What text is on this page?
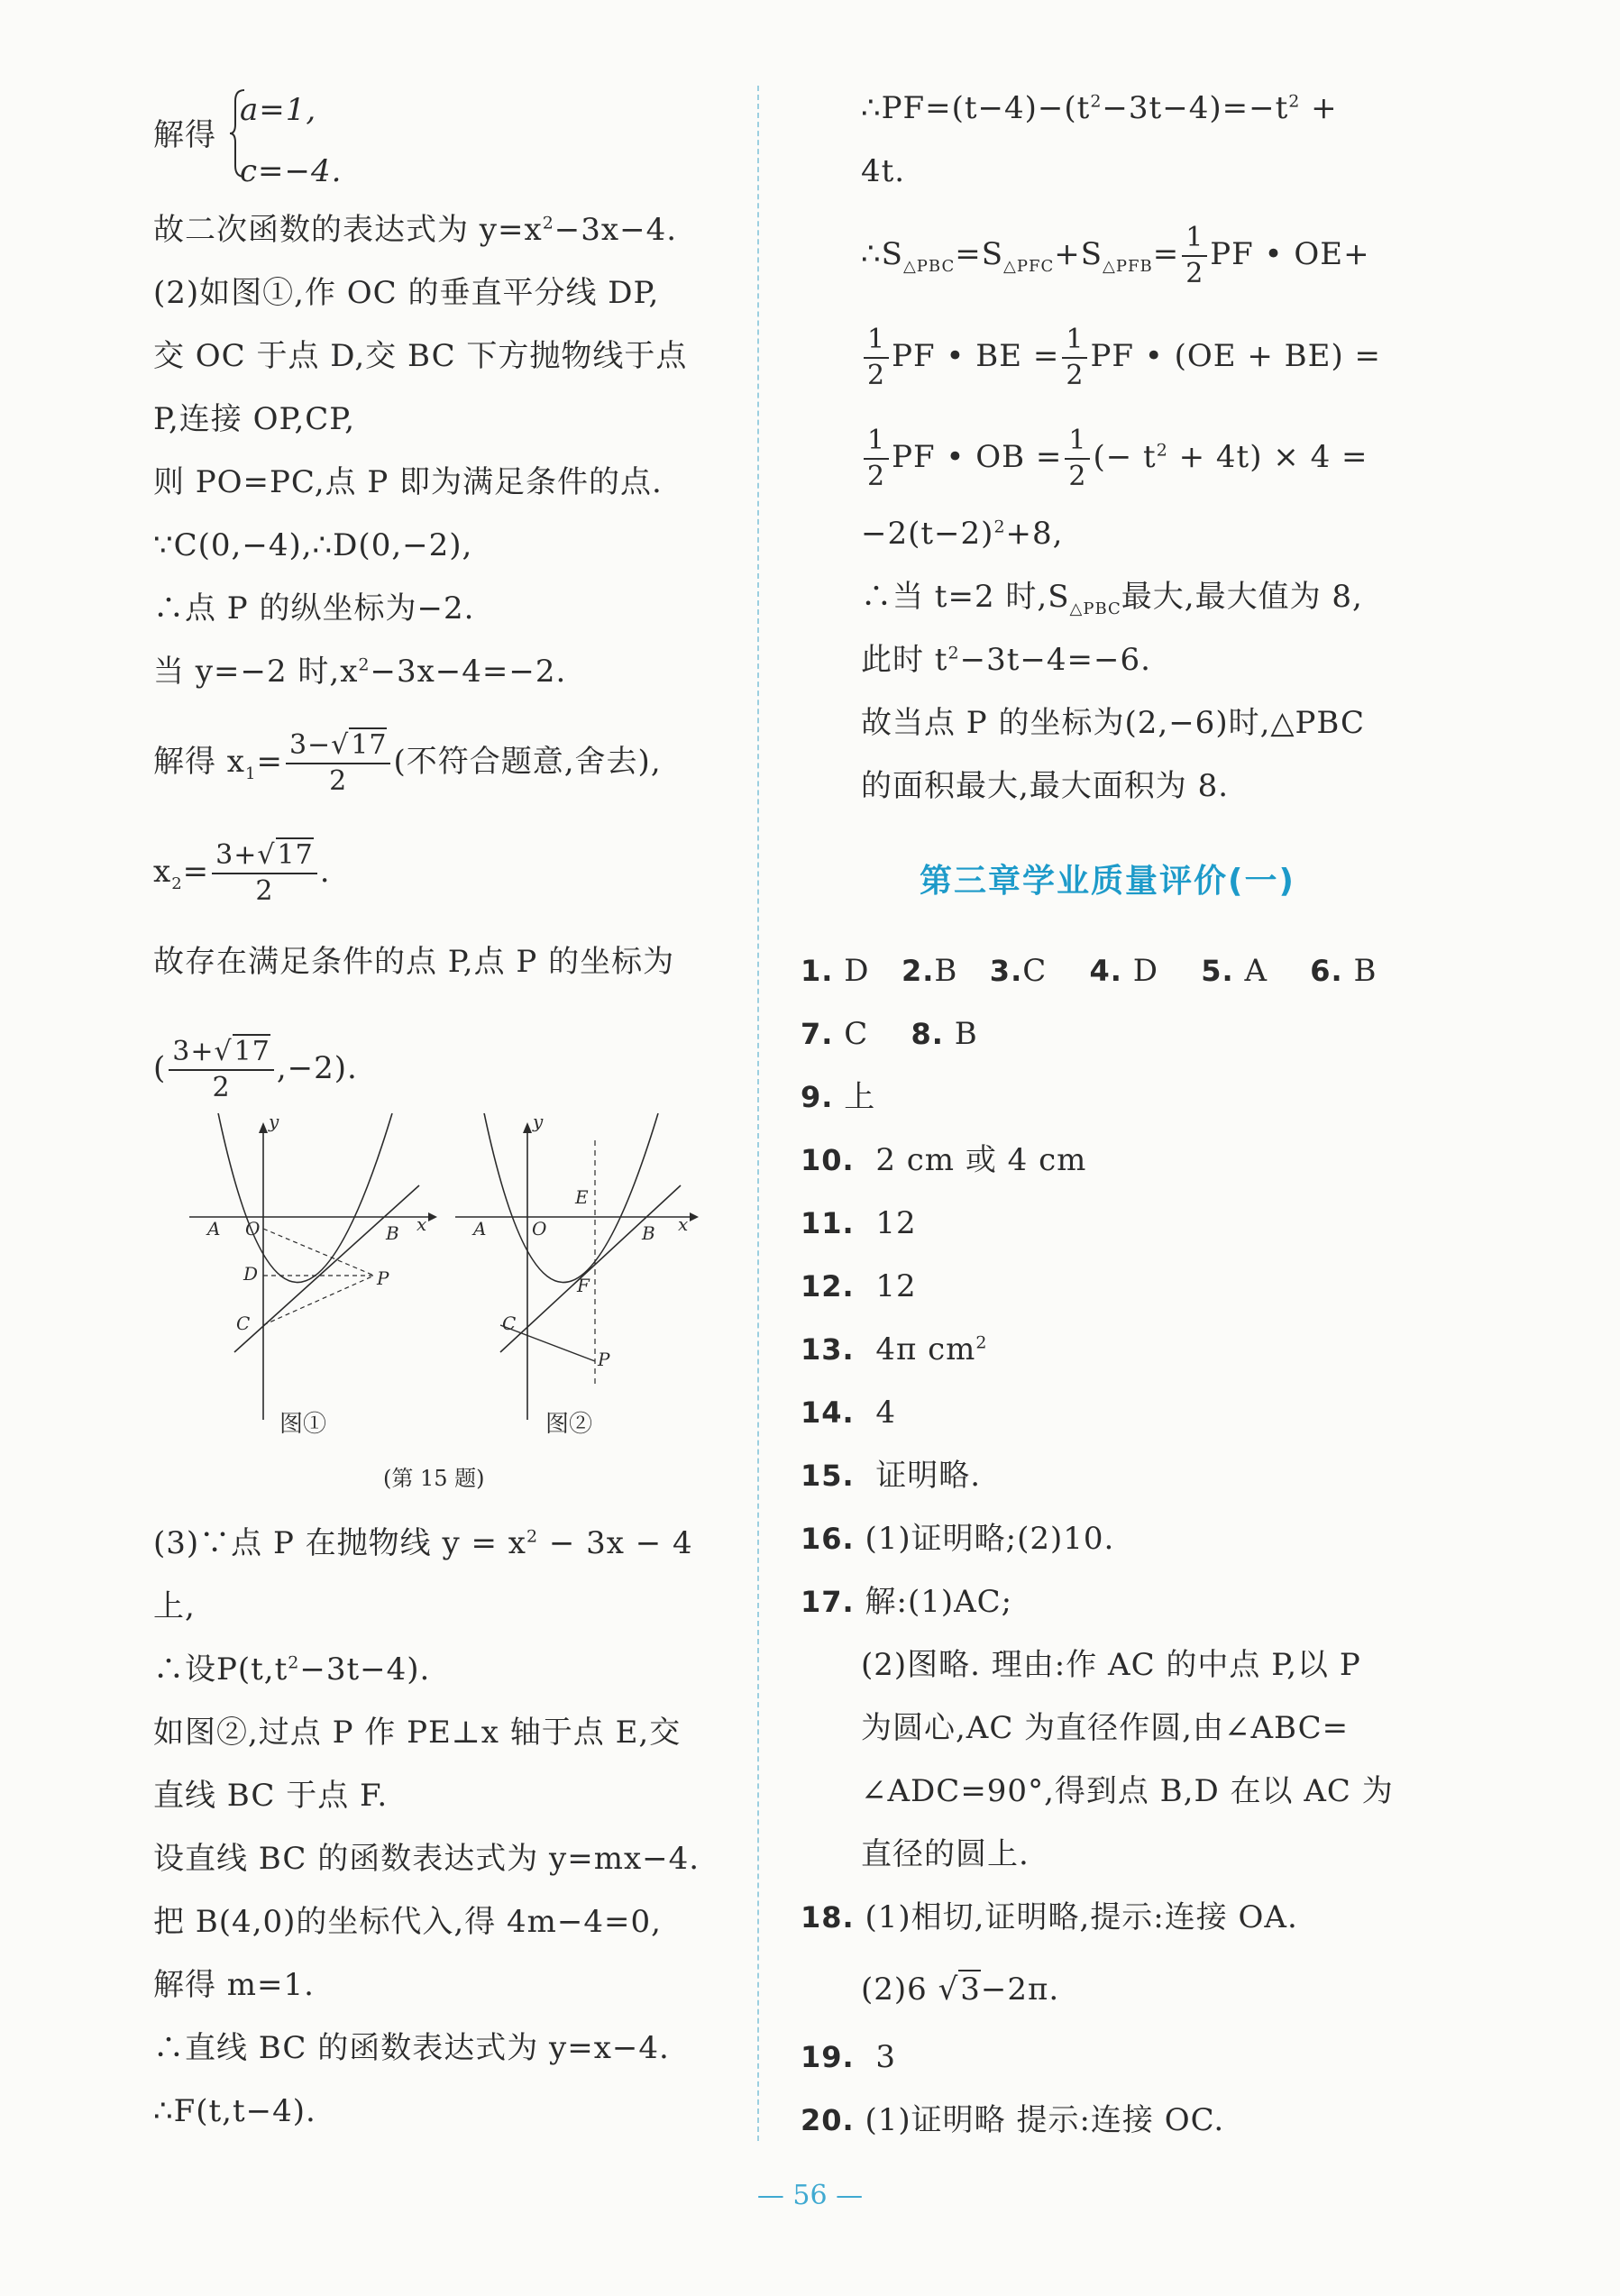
解得
a=1,
c=−4.
故二次函数的表达式为 $y=x^2-3x-4$.
(2)如图①,作 OC 的垂直平分线 DP,
交 OC 于点 D,交 BC 下方抛物线于点
P,连接 OP,CP,
则 PO=PC,点 P 即为满足条件的点.
∵C(0,−4),∴D(0,−2),
∴点 P 的纵坐标为−2.
当 y=−2 时$,x^2-3x-4=-2$.
解得 $x_1= \frac{3-√17}{2}$ (不符合题意,舍去),
$x_2= \frac{3+√17}{2}$ .
故存在满足条件的点 P,点 P 的坐标为
( $\frac{3+√17}{2} ,-2$).
(3)∵点 P 在抛物线 $y = x^2 - 3x - 4$
上,
∴设$P(t,t^2-3t-4)$.
如图②,过点 P 作 PE⊥x 轴于点 E,交
直线 BC 于点 F.
设直线 BC 的函数表达式为 y=mx−4.
把 B(4,0)的坐标代入,得 4m−4=0,
解得 m=1.
∴直线 BC 的函数表达式为 y=x−4.
∴F(t,t−4).
y
x
A O	B
D	P
C
y
x
A	O	B
E
F
C
P
图①	图②
(第 15 题)
$\therefore PF=(t-4)-(t^2-3t-4)=-t^2$ +
4t.
$\therefore S_{\triangle PBC}=S_{\triangle PFC}+S_{\triangle PFB}= \frac{1}{2}$ PF • OE+
$\frac{1}{2}$ PF • BE = $\frac{1}{2}$ PF • (OE + BE) =
$\frac{1}{2}$ PF • OB = $\frac{1}{2}$ (− $t^2 + 4t) \times 4$ =
$-2(t-2)^2+8$,
∴当 t=2 时$,S_{\triangle PBC}$最大,最大值为 8,
此时 $t^2-3t-4=-6$.
故当点 P 的坐标为(2,−6)时,△PBC
的面积最大,最大面积为 8.
第三章学业质量评价(一)
1. D 2.B 3.C 4. D 5. A 6. B
7. C 8. B
9. 上
10. 2 cm 或 4 cm
11. 12
12. 12
13. 4π $cm^2$
14. 4
15. 证明略.
16. (1)证明略;(2)10.
17. 解:(1)AC;
(2)图略. 理由:作 AC 的中点 P,以 P
为圆心,AC 为直径作圆,由∠ABC=
∠ADC=90°,得到点 B,D 在以 AC 为
直径的圆上.
18. (1)相切,证明略,提示:连接 OA.
(2)6 √3−2π.
19. 3
20. (1)证明略 提示:连接 OC.
— 56 —
